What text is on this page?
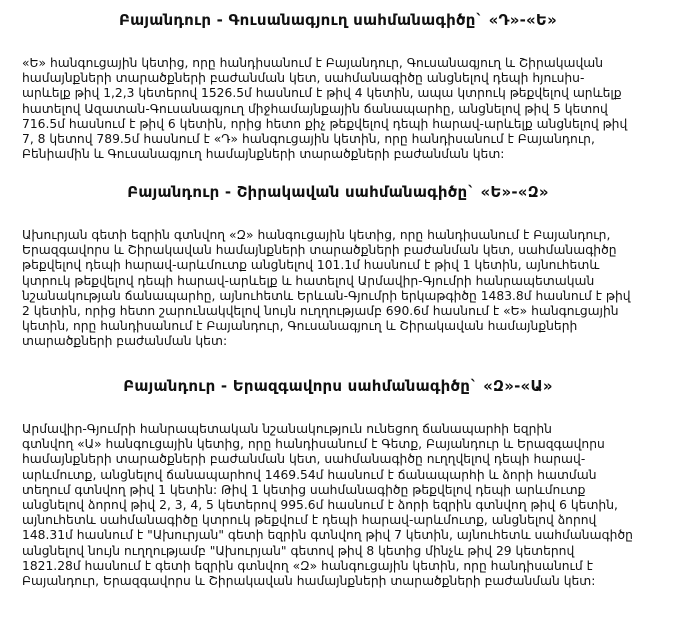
Բայանդուր - Գուսանագյուղ սահմանագիծը` «Դ»-«Ե»
«Ե» հանգուցային կետից, որը հանդիսանում է Բայանդուր, Գուսանագյուղ և Շիրակավան
համայնքների տարածքների բաժանման կետ, սահմանագիծը անցնելով դեպի հյուսիս-
արևելք թիվ 1,2,3 կետերով 1526.5մ հասնում է թիվ 4 կետին, ապա կտրուկ թեքվելով արևելք
հատելով Ազատան-Գուսանագյուղ միջհամայնքային ճանապարհը, անցնելով թիվ 5 կետով
716.5մ հասնում է թիվ 6 կետին, որից հետո քիչ թեքվելով դեպի հարավ-արևելք անցնելով թիվ
7, 8 կետով 789.5մ հասնում է «Դ» հանգուցային կետին, որը հանդիսանում է Բայանդուր,
Բենիամին և Գուսանագյուղ համայնքների տարածքների բաժանման կետ:
Բայանդուր - Շիրակավան սահմանագիծը` «Ե»-«Զ»
Ախուրյան գետի եզրին գտնվող «Զ» հանգուցային կետից, որը հանդիսանում է Բայանդուր,
Երազգավորս և Շիրակավան համայնքների տարածքների բաժանման կետ, սահմանագիծը
թեքվելով դեպի հարավ-արևմուտք անցնելով 101.1մ հասնում է թիվ 1 կետին, այնուհետև
կտրուկ թեքվելով դեպի հարավ-արևելք և հատելով Արմավիր-Գյումրի հանրապետական
նշանակության ճանապարհը, այնուհետև Երևան-Գյումրի երկաթգիծը 1483.8մ հասնում է թիվ
2 կետին, որից հետո շարունակվելով նույն ուղղությամբ 690.6մ հասնում է «Ե» հանգուցային
կետին, որը հանդիսանում է Բայանդուր, Գուսանագյուղ և Շիրակավան համայնքների
տարածքների բաժանման կետ:
Բայանդուր - Երազգավորս սահմանագիծը` «Զ»-«Ա»
Արմավիր-Գյումրի հանրապետական նշանակություն ունեցող ճանապարհի եզրին
գտնվող «Ա» հանգուցային կետից, որը հանդիսանում է Գետք, Բայանդուր և Երազգավորս
համայնքների տարածքների բաժանման կետ, սահմանագիծը ուղղվելով դեպի հարավ-
արևմուտք, անցնելով ճանապարհով 1469.54մ հասնում է ճանապարհի և ձորի հատման
տեղում գտնվող թիվ 1 կետին: Թիվ 1 կետից սահմանագիծը թեքվելով դեպի արևմուտք
անցնելով ձորով թիվ 2, 3, 4, 5 կետերով 995.6մ հասնում է ձորի եզրին գտնվող թիվ 6 կետին,
այնուհետև սահմանագիծը կտրուկ թեքվում է դեպի հարավ-արևմուտք, անցնելով ձորով
148.31մ հասնում է "Ախուրյան" գետի եզրին գտնվող թիվ 7 կետին, այնուհետև սահմանագիծը
անցնելով նույն ուղղությամբ "Ախուրյան" գետով թիվ 8 կետից մինչև թիվ 29 կետերով
1821.28մ հասնում է գետի եզրին գտնվող «Զ» հանգուցային կետին, որը հանդիսանում է
Բայանդուր, Երազգավորս և Շիրակավան համայնքների տարածքների բաժանման կետ:
